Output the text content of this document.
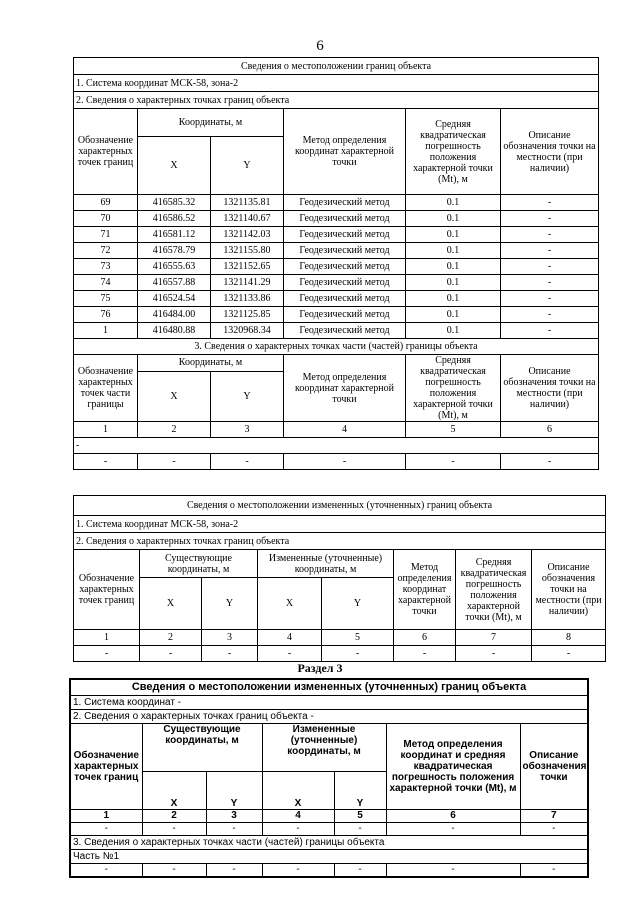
6
Сведения о местоположении границ объекта					
1. Система координат МСК-58, зона-2					
2. Сведения о характерных точках границ объекта					
Обозначение характерных точек границ	Координаты, м		Метод определения координат характерной точки	Средняя квадратическая погрешность положения характерной точки (Mt), м	Описание обозначения точки на местности (при наличии)
	X	Y			
69	416585.32	1321135.81	Геодезический метод	0.1	-
70	416586.52	1321140.67	Геодезический метод	0.1	-
71	416581.12	1321142.03	Геодезический метод	0.1	-
72	416578.79	1321155.80	Геодезический метод	0.1	-
73	416555.63	1321152.65	Геодезический метод	0.1	-
74	416557.88	1321141.29	Геодезический метод	0.1	-
75	416524.54	1321133.86	Геодезический метод	0.1	-
76	416484.00	1321125.85	Геодезический метод	0.1	-
1	416480.88	1320968.34	Геодезический метод	0.1	-
3. Сведения о характерных точках части (частей) границы объекта					
Обозначение характерных точек части границы	Координаты, м		Метод определения координат характерной точки	Средняя квадратическая погрешность положения характерной точки (Mt), м	Описание обозначения точки на местности (при наличии)
	X	Y			
1	2	3	4	5	6
-					
-	-	-	-	-	-
Сведения о местоположении измененных (уточненных) границ объекта							
1. Система координат МСК-58, зона-2							
2. Сведения о характерных точках границ объекта							
Обозначение характерных точек границ	Существующие координаты, м		Измененные (уточненные) координаты, м		Метод определения координат характерной точки	Средняя квадратическая погрешность положения характерной точки (Mt), м	Описание обозначения точки на местности (при наличии)
	X	Y	X	Y			
1	2	3	4	5	6	7	8
-	-	-	-	-	-	-	-
Раздел 3
Сведения о местоположении измененных (уточненных) границ объекта						
1. Система координат -						
2. Сведения о характерных точках границ объекта -						
Обозначение характерных точек границ	Существующие координаты, м		Измененные (уточненные) координаты, м		Метод определения координат и средняя квадратическая погрешность положения характерной точки (Mt), м	Описание обозначения точки
	X	Y	X	Y		
1	2	3	4	5	6	7
-	-	-	-	-	-	-
3. Сведения о характерных точках части (частей) границы объекта						
Часть №1						
-	-	-	-	-	-	-
